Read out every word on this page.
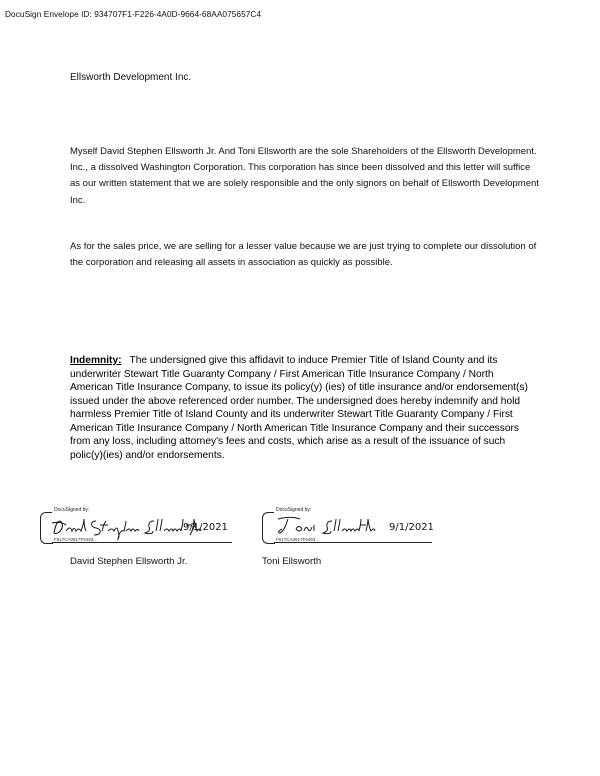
DocuSign Envelope ID: 934707F1-F226-4A0D-9664-68AA075657C4
Ellsworth Development Inc.

Myself David Stephen Ellsworth Jr. And Toni Ellsworth are the sole Shareholders of the Ellsworth Development. Inc., a dissolved Washington Corporation. This corporation has since been dissolved and this letter will suffice as our written statement that we are solely responsible and the only signors on behalf of Ellsworth Development Inc.

As for the sales price, we are selling for a lesser value because we are just trying to complete our dissolution of the corporation and releasing all assets in association as quickly as possible.

Indemnity: The undersigned give this affidavit to induce Premier Title of Island County and its underwriter Stewart Title Guaranty Company / First American Title Insurance Company / North American Title Insurance Company, to issue its policy(y) (ies) of title insurance and/or endorsement(s) issued under the above referenced order number. The undersigned does hereby indemnify and hold harmless Premier Title of Island County and its underwriter Stewart Title Guaranty Company / First American Title Insurance Company / North American Title Insurance Company and their successors from any loss, including attorney's fees and costs, which arise as a result of the issuance of such polic(y)(ies) and/or endorsements.

DocuSigned by:
F617CA0917F6493...
9/1/2021
DocuSigned by:
F617CA0917F6493...
9/1/2021
David Stephen Ellsworth Jr.	Toni Ellsworth
